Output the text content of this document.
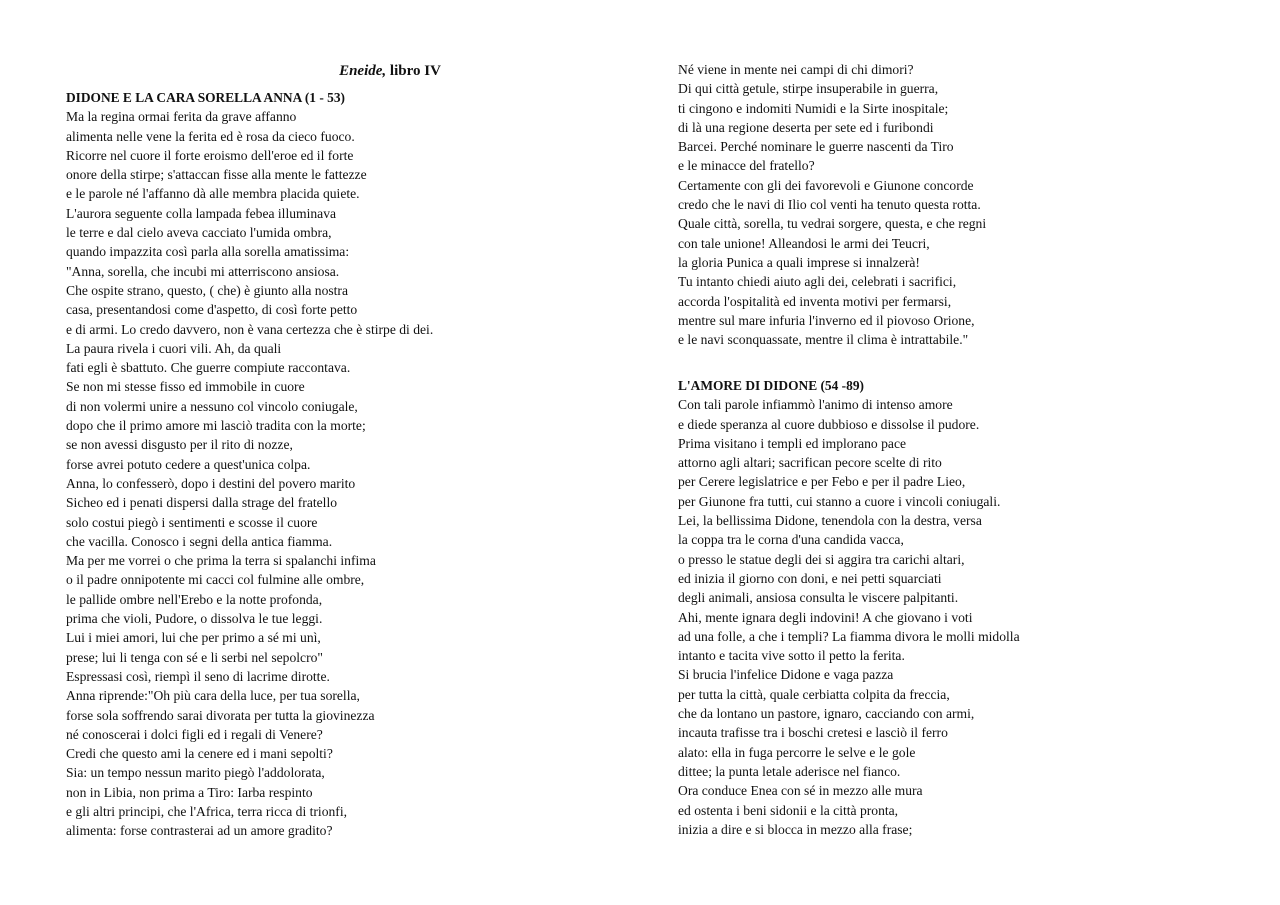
Eneide, libro IV

DIDONE E LA CARA SORELLA ANNA (1 - 53)

Ma la regina ormai ferita da grave affanno

alimenta nelle vene la ferita ed è rosa da cieco fuoco.

Ricorre nel cuore il forte eroismo dell'eroe ed il forte

onore della stirpe; s'attaccan fisse alla mente le fattezze

e le parole né l'affanno dà alle membra placida quiete.

L'aurora seguente colla lampada febea illuminava

le terre e dal cielo aveva cacciato l'umida ombra,

quando impazzita così parla alla sorella amatissima:

"Anna, sorella, che incubi mi atterriscono ansiosa.

Che ospite strano, questo, ( che) è giunto alla nostra

casa, presentandosi come d'aspetto, di così forte petto

e di armi. Lo credo davvero, non è vana certezza che è stirpe di dei.

La paura rivela i cuori vili. Ah, da quali

fati egli è sbattuto. Che guerre compiute raccontava.

Se non mi stesse fisso ed immobile in cuore

di non volermi unire a nessuno col vincolo coniugale,

dopo che il primo amore mi lasciò tradita con la morte;

se non avessi disgusto per il rito di nozze,

forse avrei potuto cedere a quest'unica colpa.

Anna, lo confesserò, dopo i destini del povero marito

Sicheo ed i penati dispersi dalla strage del fratello

solo costui piegò i sentimenti e scosse il cuore

che vacilla. Conosco i segni della antica fiamma.

Ma per me vorrei o che prima la terra si spalanchi infima

o il padre onnipotente mi cacci col fulmine alle ombre,

le pallide ombre nell'Erebo e la notte profonda,

prima che violi, Pudore, o dissolva le tue leggi.

Lui i miei amori, lui che per primo a sé mi unì,

prese; lui li tenga con sé e li serbi nel sepolcro"

Espressasi così, riempì il seno di lacrime dirotte.

Anna riprende:"Oh più cara della luce, per tua sorella,

forse sola soffrendo sarai divorata per tutta la giovinezza

né conoscerai i dolci figli ed i regali di Venere?

Credi che questo ami la cenere ed i mani sepolti?

Sia: un tempo nessun marito piegò l'addolorata,

non in Libia, non prima a Tiro: Iarba respinto

e gli altri principi, che l'Africa, terra ricca di trionfi,

alimenta: forse contrasterai ad un amore gradito?

Né viene in mente nei campi di chi dimori?

Di qui città getule, stirpe insuperabile in guerra,

ti cingono e indomiti Numidi e la Sirte inospitale;

di là una regione deserta per sete ed i furibondi

Barcei. Perché nominare le guerre nascenti da Tiro

e le minacce del fratello?

Certamente con gli dei favorevoli e Giunone concorde

credo che le navi di Ilio col venti ha tenuto questa rotta.

Quale città, sorella, tu vedrai sorgere, questa, e che regni

con tale unione! Alleandosi le armi dei Teucri,

la gloria Punica a quali imprese si innalzerà!

Tu intanto chiedi aiuto agli dei, celebrati i sacrifici,

accorda l'ospitalità ed inventa motivi per fermarsi,

mentre sul mare infuria l'inverno ed il piovoso Orione,

e le navi sconquassate, mentre il clima è intrattabile."

L'AMORE DI DIDONE (54 -89)

Con tali parole infiammò l'animo di intenso amore

e diede speranza al cuore dubbioso e dissolse il pudore.

Prima visitano i templi ed implorano pace

attorno agli altari; sacrifican pecore scelte di rito

per Cerere legislatrice e per Febo e per il padre Lieo,

per Giunone fra tutti, cui stanno a cuore i vincoli coniugali.

Lei, la bellissima Didone, tenendola con la destra, versa

la coppa tra le corna d'una candida vacca,

o presso le statue degli dei si aggira tra carichi altari,

ed inizia il giorno con doni, e nei petti squarciati

degli animali, ansiosa consulta le viscere palpitanti.

Ahi, mente ignara degli indovini! A che giovano i voti

ad una folle, a che i templi? La fiamma divora le molli midolla

intanto e tacita vive sotto il petto la ferita.

Si brucia l'infelice Didone e vaga pazza

per tutta la città, quale cerbiatta colpita da freccia,

che da lontano un pastore, ignaro, cacciando con armi,

incauta trafisse tra i boschi cretesi e lasciò il ferro

alato: ella in fuga percorre le selve e le gole

dittee; la punta letale aderisce nel fianco.

Ora conduce Enea con sé in mezzo alle mura

ed ostenta i beni sidonii e la città pronta,

inizia a dire e si blocca in mezzo alla frase;
